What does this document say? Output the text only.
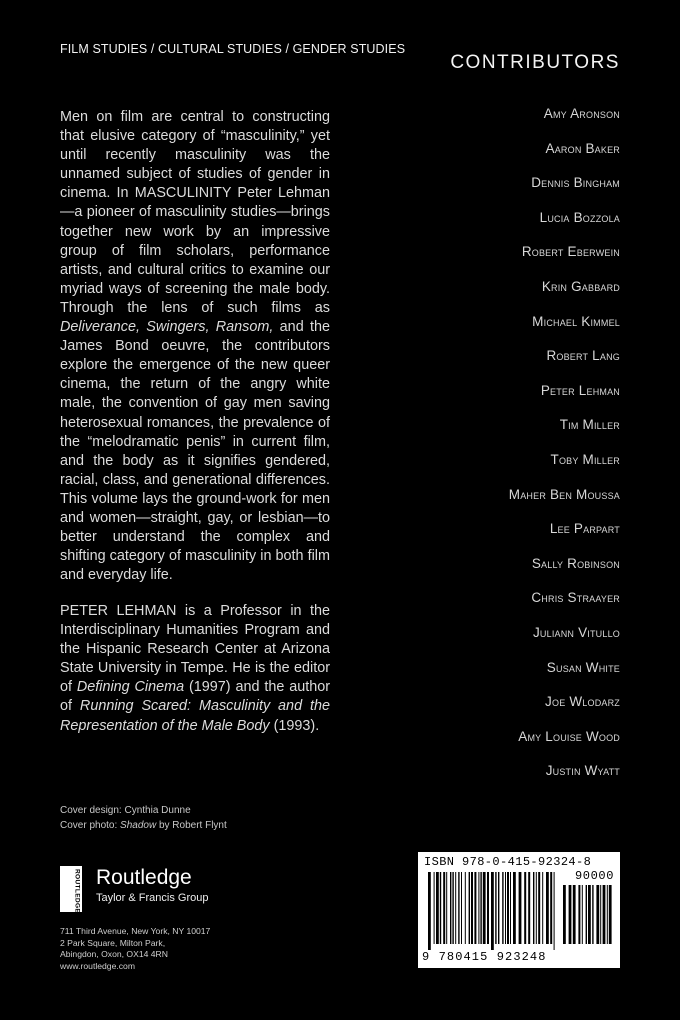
FILM STUDIES / CULTURAL STUDIES / GENDER STUDIES
CONTRIBUTORS

Men on film are central to constructing that elusive category of “masculinity,” yet until recently masculinity was the unnamed subject of studies of gender in cinema. In MASCULINITY Peter Lehman—a pioneer of masculinity studies—brings together new work by an impressive group of film scholars, performance artists, and cultural critics to examine our myriad ways of screening the male body. Through the lens of such films as Deliverance, Swingers, Ransom, and the James Bond oeuvre, the contributors explore the emergence of the new queer cinema, the return of the angry white male, the convention of gay men saving heterosexual romances, the prevalence of the “melodramatic penis” in current film, and the body as it signifies gendered, racial, class, and generational differences. This volume lays the ground-work for men and women—straight, gay, or lesbian—to better understand the complex and shifting category of masculinity in both film and everyday life.

PETER LEHMAN is a Professor in the Interdisciplinary Humanities Program and the Hispanic Research Center at Arizona State University in Tempe. He is the editor of Defining Cinema (1997) and the author of Running Scared: Masculinity and the Representation of the Male Body (1993).

Amy Aronson
Aaron Baker
Dennis Bingham
Lucia Bozzola
Robert Eberwein
Krin Gabbard
Michael Kimmel
Robert Lang
Peter Lehman
Tim Miller
Toby Miller
Maher Ben Moussa
Lee Parpart
Sally Robinson
Chris Straayer
Juliann Vitullo
Susan White
Joe Wlodarz
Amy Louise Wood
Justin Wyatt
Cover design: Cynthia Dunne
Cover photo: Shadow by Robert Flynt
ROUTLEDGE Routledge
Taylor & Francis Group
711 Third Avenue, New York, NY 10017
2 Park Square, Milton Park,
Abingdon, Oxon, OX14 4RN
www.routledge.com
ISBN 978-0-415-92324-8
90000
9 780415 923248
